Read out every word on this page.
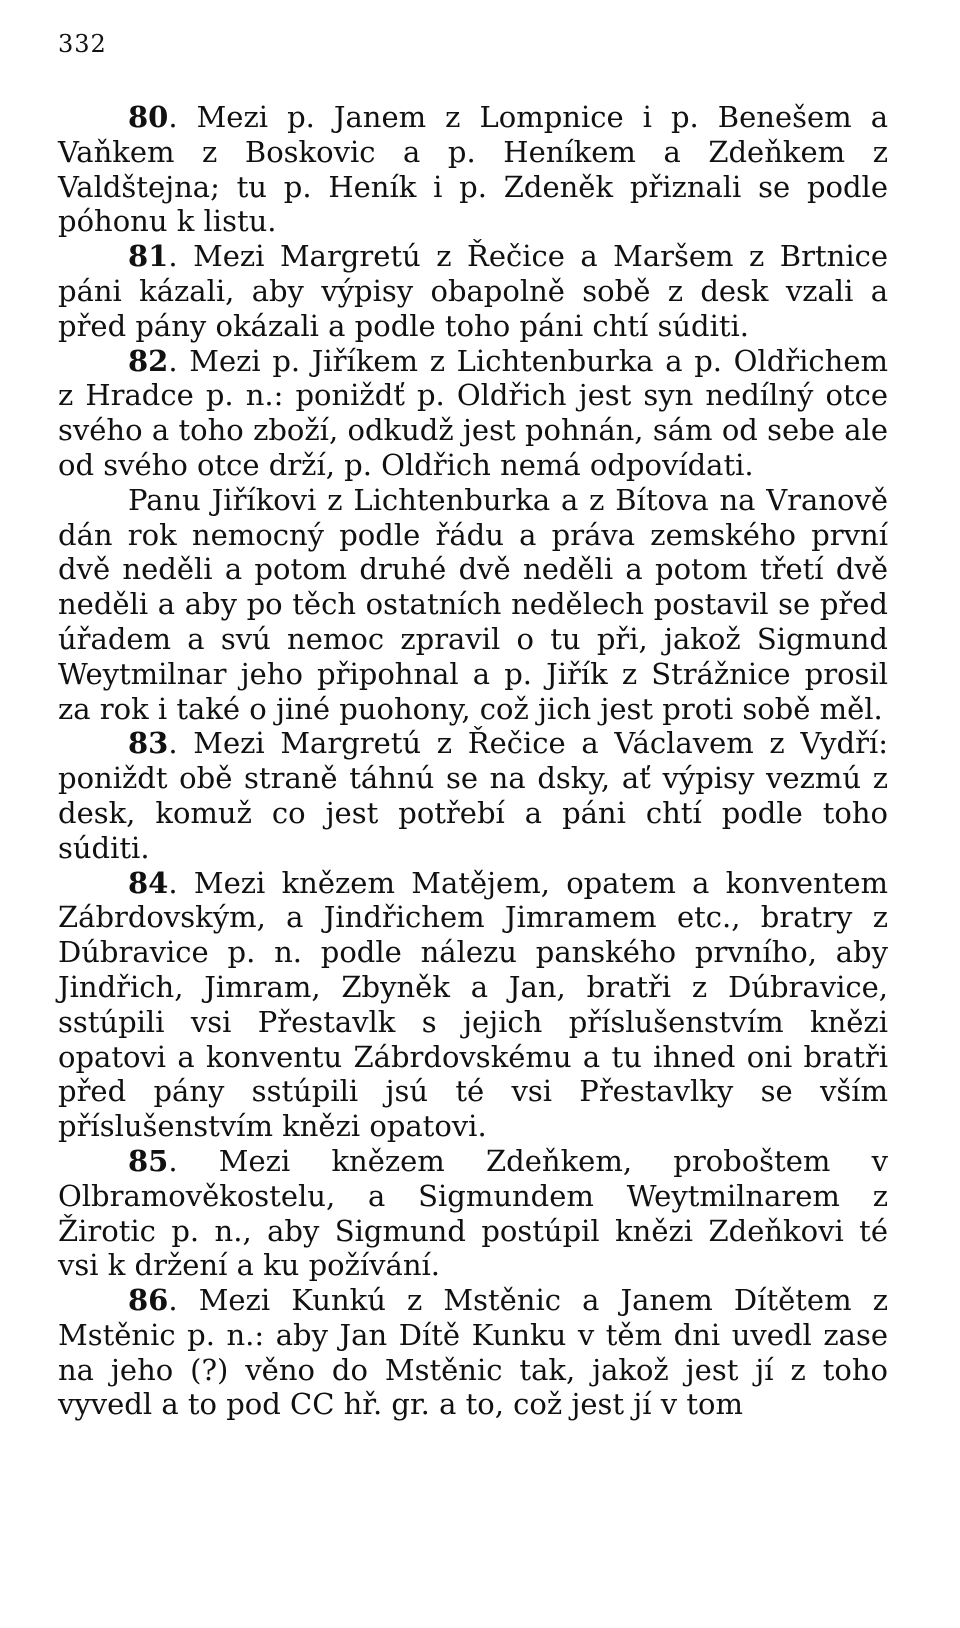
332

80. Mezi p. Janem z Lompnice i p. Benešem a Vaňkem z Boskovic a p. Heníkem a Zdeňkem z Valdštejna; tu p. Heník i p. Zdeněk přiznali se podle póhonu k listu.

81. Mezi Margretú z Řečice a Maršem z Brtnice páni kázali, aby výpisy obapolně sobě z desk vzali a před pány okázali a podle toho páni chtí súditi.

82. Mezi p. Jiříkem z Lichtenburka a p. Oldřichem z Hradce p. n.: poniždť p. Oldřich jest syn nedílný otce svého a toho zboží, odkudž jest pohnán, sám od sebe ale od svého otce drží, p. Oldřich nemá odpovídati.

Panu Jiříkovi z Lichtenburka a z Bítova na Vranově dán rok nemocný podle řádu a práva zemského první dvě neděli a potom druhé dvě neděli a potom třetí dvě neděli a aby po těch ostatních nedělech postavil se před úřadem a svú nemoc zpravil o tu při, jakož Sigmund Weytmilnar jeho připohnal a p. Jiřík z Strážnice prosil za rok i také o jiné puohony, což jich jest proti sobě měl.

83. Mezi Margretú z Řečice a Václavem z Vydří: poniždt obě straně táhnú se na dsky, ať výpisy vezmú z desk, komuž co jest potřebí a páni chtí podle toho súditi.

84. Mezi knězem Matějem, opatem a konventem Zábrdovským, a Jindřichem Jimramem etc., bratry z Dúbravice p. n. podle nálezu panského prvního, aby Jindřich, Jimram, Zbyněk a Jan, bratři z Dúbravice, sstúpili vsi Přestavlk s jejich příslušenstvím knězi opatovi a konventu Zábrdovskému a tu ihned oni bratři před pány sstúpili jsú té vsi Přestavlky se vším příslušenstvím knězi opatovi.

85. Mezi knězem Zdeňkem, proboštem v Olbramověkostelu, a Sigmundem Weytmilnarem z Žirotic p. n., aby Sigmund postúpil knězi Zdeňkovi té vsi k držení a ku požívání.

86. Mezi Kunkú z Mstěnic a Janem Dítětem z Mstěnic p. n.: aby Jan Dítě Kunku v těm dni uvedl zase na jeho (?) věno do Mstěnic tak, jakož jest jí z toho vyvedl a to pod CC hř. gr. a to, což jest jí v tom
